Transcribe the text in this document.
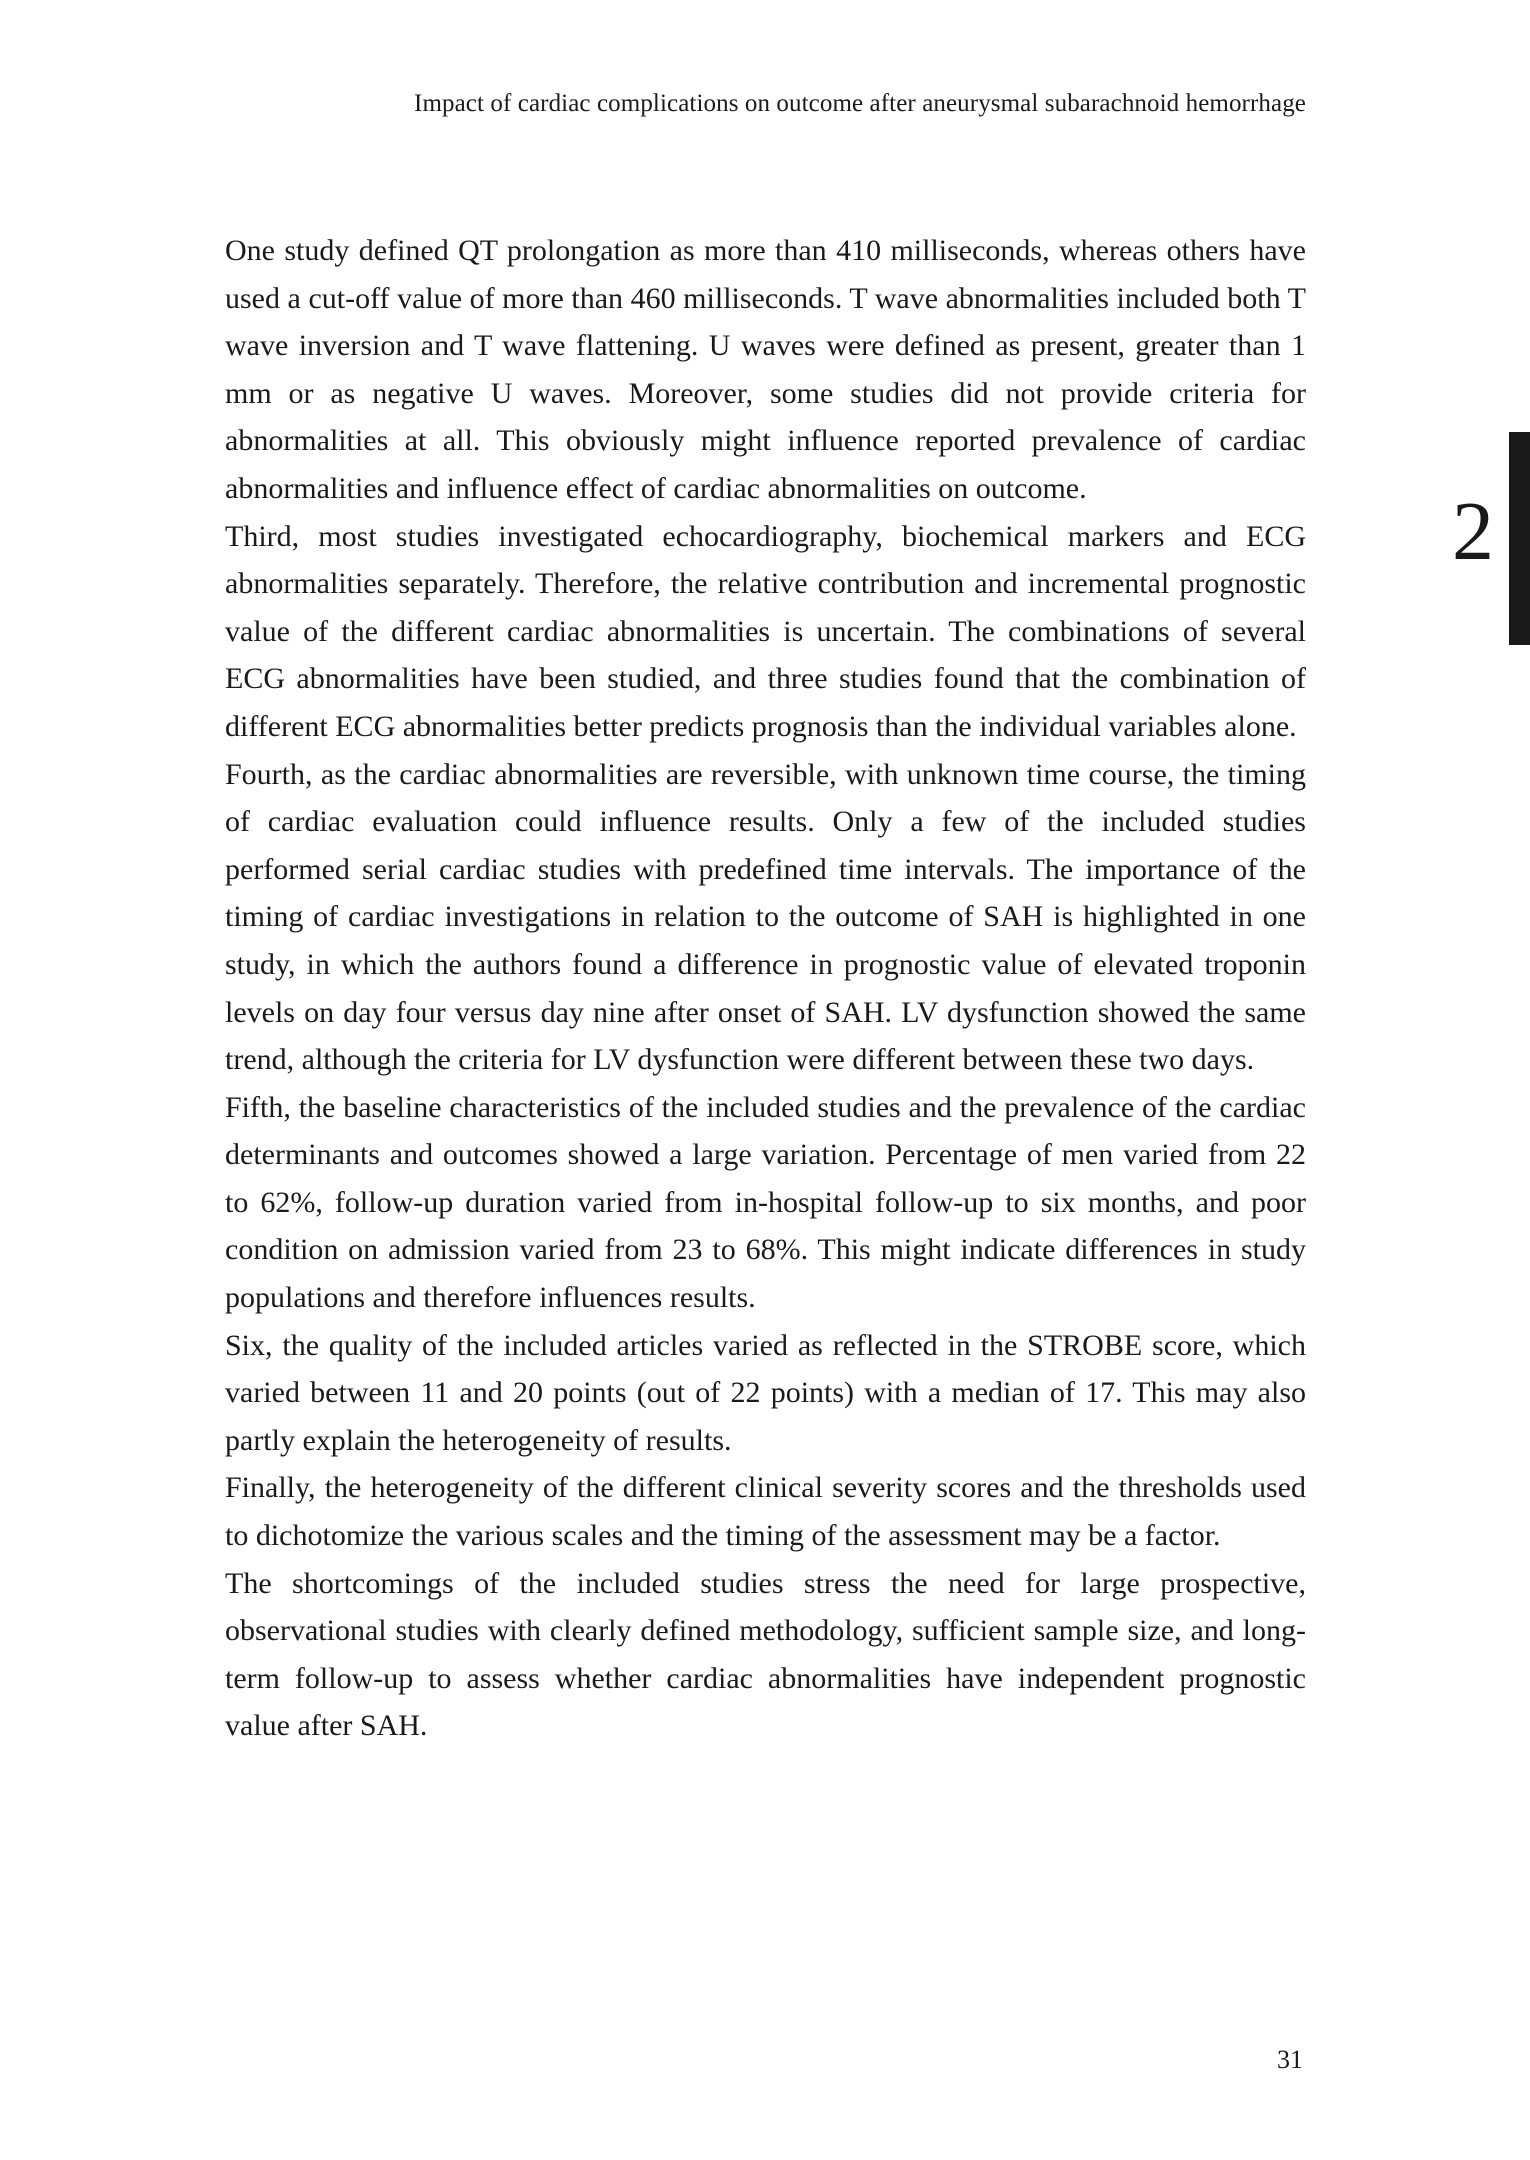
Impact of cardiac complications on outcome after aneurysmal subarachnoid hemorrhage
2

One study defined QT prolongation as more than 410 milliseconds, whereas others have used a cut-off value of more than 460 milliseconds. T wave abnormalities included both T wave inversion and T wave flattening. U waves were defined as present, greater than 1 mm or as negative U waves. Moreover, some studies did not provide criteria for abnormalities at all. This obviously might influence reported prevalence of cardiac abnormalities and influence effect of cardiac abnormalities on outcome.

Third, most studies investigated echocardiography, biochemical markers and ECG abnormalities separately. Therefore, the relative contribution and incremental prognostic value of the different cardiac abnormalities is uncertain. The combinations of several ECG abnormalities have been studied, and three studies found that the combination of different ECG abnormalities better predicts prognosis than the individual variables alone.

Fourth, as the cardiac abnormalities are reversible, with unknown time course, the timing of cardiac evaluation could influence results. Only a few of the included studies performed serial cardiac studies with predefined time intervals. The importance of the timing of cardiac investigations in relation to the outcome of SAH is highlighted in one study, in which the authors found a difference in prognostic value of elevated troponin levels on day four versus day nine after onset of SAH. LV dysfunction showed the same trend, although the criteria for LV dysfunction were different between these two days.

Fifth, the baseline characteristics of the included studies and the prevalence of the cardiac determinants and outcomes showed a large variation. Percentage of men varied from 22 to 62%, follow-up duration varied from in-hospital follow-up to six months, and poor condition on admission varied from 23 to 68%. This might indicate differences in study populations and therefore influences results.

Six, the quality of the included articles varied as reflected in the STROBE score, which varied between 11 and 20 points (out of 22 points) with a median of 17. This may also partly explain the heterogeneity of results.

Finally, the heterogeneity of the different clinical severity scores and the thresholds used to dichotomize the various scales and the timing of the assessment may be a factor.

The shortcomings of the included studies stress the need for large prospective, observational studies with clearly defined methodology, sufficient sample size, and long-term follow-up to assess whether cardiac abnormalities have independent prognostic value after SAH.

31
